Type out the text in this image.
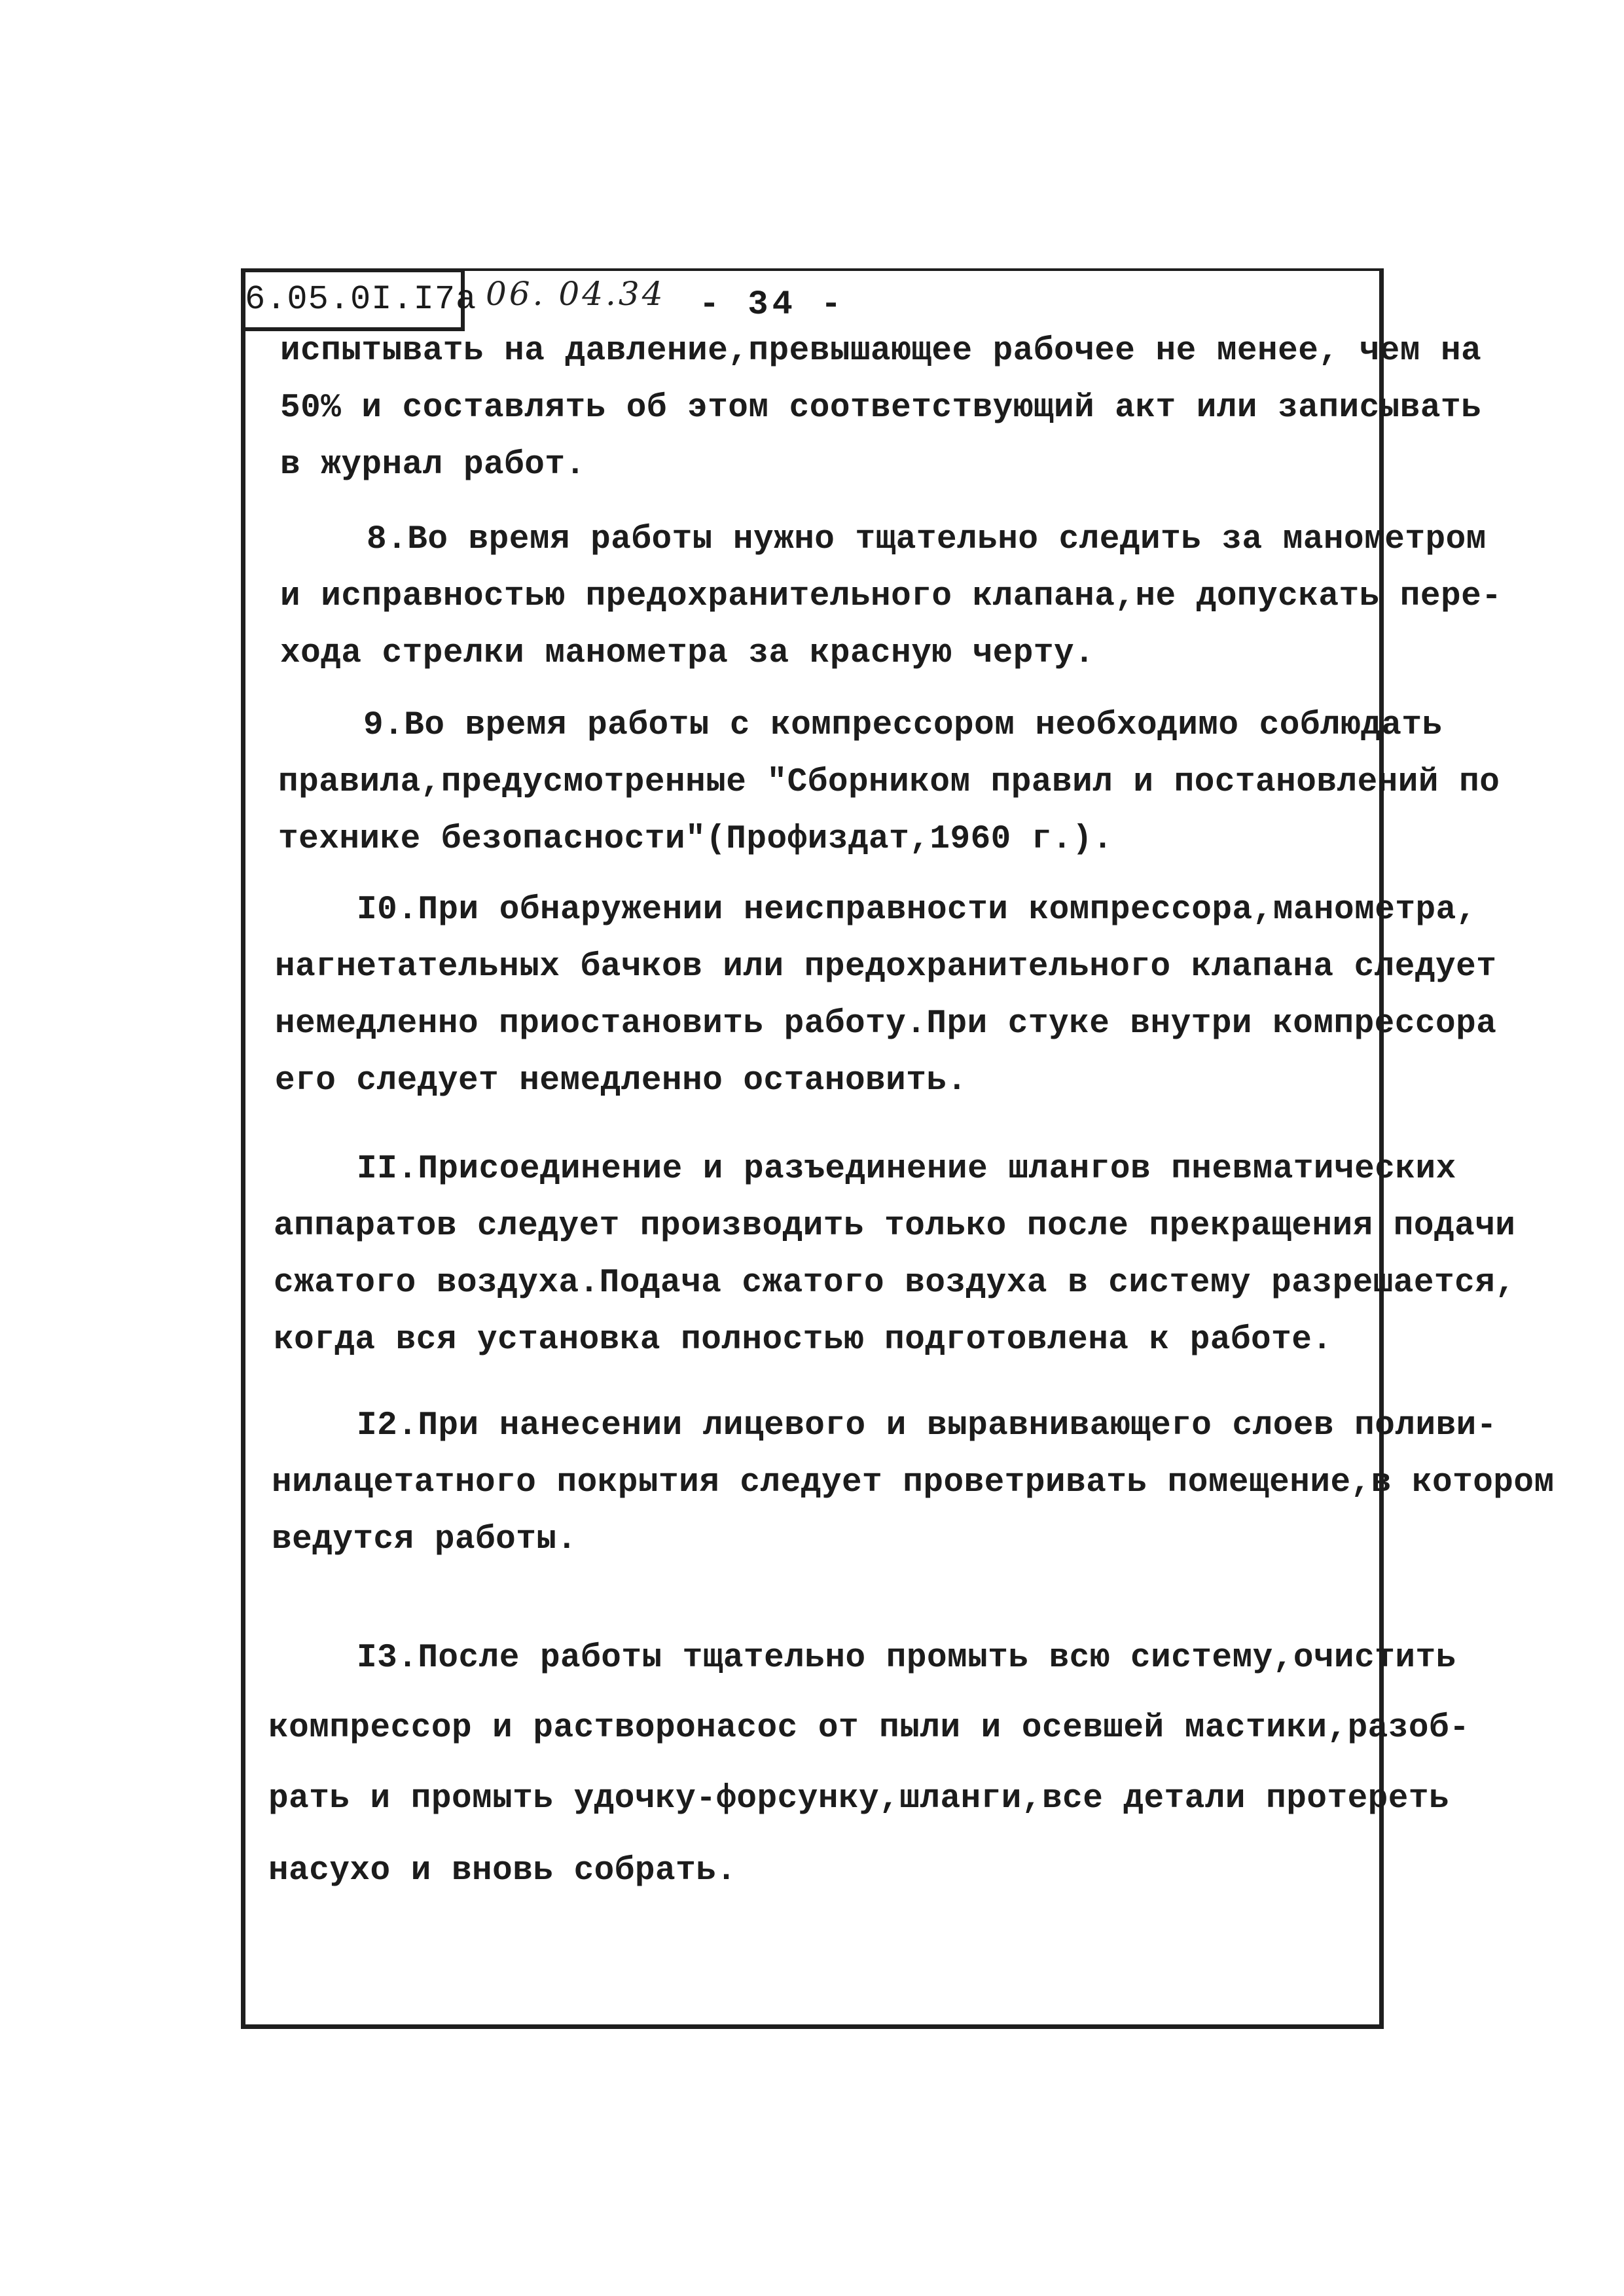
6.05.0I.I7a 06. 04.34 - 34 -
испытывать на давление,превышающее рабочее не менее, чем на
50% и составлять об этом соответствующий акт или записывать
в журнал работ.
8.Во время работы нужно тщательно следить за манометром
и исправностью предохранительного клапана,не допускать пере-
хода стрелки манометра за красную черту.
9.Во время работы с компрессором необходимо соблюдать
правила,предусмотренные "Сборником правил и постановлений по
технике безопасности"(Профиздат,1960 г.).
I0.При обнаружении неисправности компрессора,манометра,
нагнетательных бачков или предохранительного клапана следует
немедленно приостановить работу.При стуке внутри компрессора
его следует немедленно остановить.
II.Присоединение и разъединение шлангов пневматических
аппаратов следует производить только после прекращения подачи
сжатого воздуха.Подача сжатого воздуха в систему разрешается,
когда вся установка полностью подготовлена к работе.
I2.При нанесении лицевого и выравнивающего слоев поливи-
нилацетатного покрытия следует проветривать помещение,в котором
ведутся работы.
I3.После работы тщательно промыть всю систему,очистить
компрессор и растворонасос от пыли и осевшей мастики,разоб-
рать и промыть удочку-форсунку,шланги,все детали протереть
насухо и вновь собрать.
